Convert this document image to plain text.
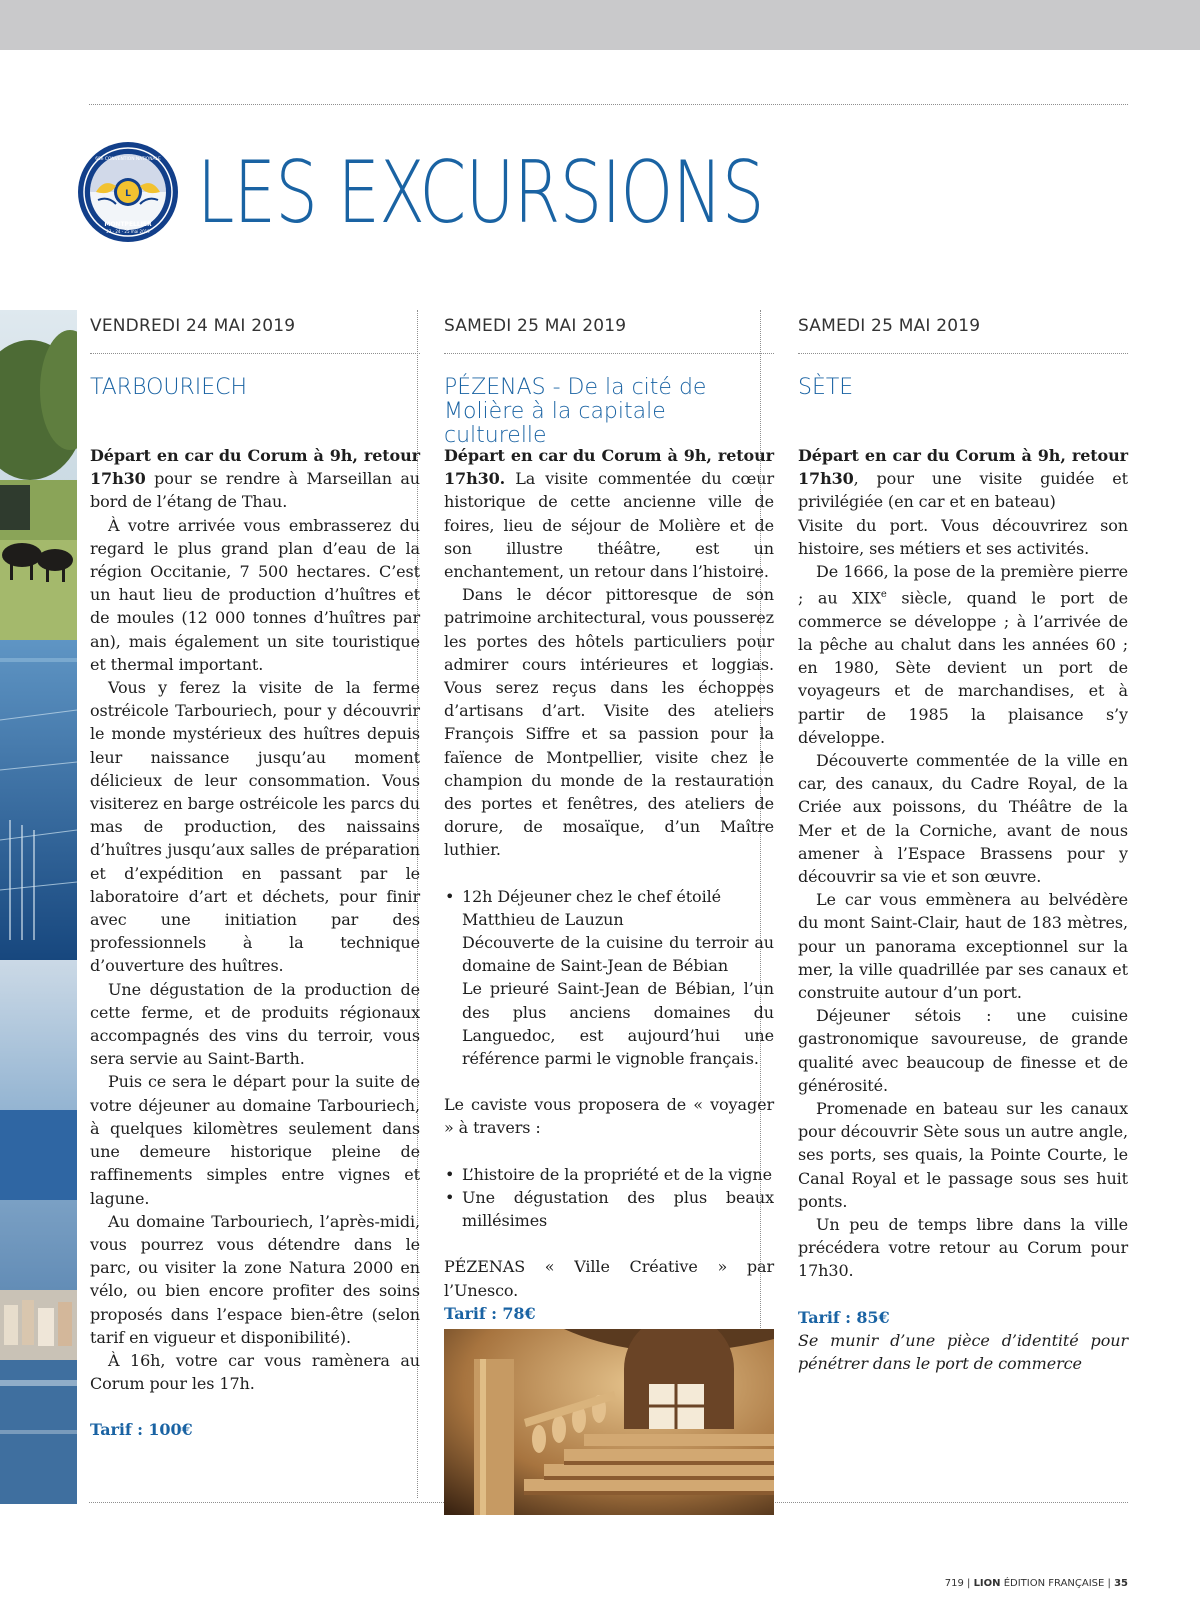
L
68e CONVENTION NATIONALE
MONTPELLIER
23 - 24 - 25 mai 2019 LES EXCURSIONS
VENDREDI 24 MAI 2019
TARBOURIECH

Départ en car du Corum à 9h, retour 17h30 pour se rendre à Marseillan au bord de l’étang de Thau.

À votre arrivée vous embrasserez du regard le plus grand plan d’eau de la région Occitanie, 7 500 hectares. C’est un haut lieu de production d’huîtres et de moules (12 000 tonnes d’huîtres par an), mais également un site touristique et thermal important.

Vous y ferez la visite de la ferme ostréicole Tarbouriech, pour y découvrir le monde mystérieux des huîtres depuis leur naissance jusqu’au moment délicieux de leur consommation. Vous visiterez en barge ostréicole les parcs du mas de production, des naissains d’huîtres jusqu’aux salles de préparation et d’expédition en passant par le laboratoire d’art et déchets, pour finir avec une initiation par des professionnels à la technique d’ouverture des huîtres.

Une dégustation de la production de cette ferme, et de produits régionaux accompagnés des vins du terroir, vous sera servie au Saint-Barth.

Puis ce sera le départ pour la suite de votre déjeuner au domaine Tarbouriech, à quelques kilomètres seulement dans une demeure historique pleine de raffinements simples entre vignes et lagune.

Au domaine Tarbouriech, l’après-midi, vous pourrez vous détendre dans le parc, ou visiter la zone Natura 2000 en vélo, ou bien encore profiter des soins proposés dans l’espace bien-être (selon tarif en vigueur et disponibilité).

À 16h, votre car vous ramènera au Corum pour les 17h.

Tarif : 100€

SAMEDI 25 MAI 2019
PÉZENAS - De la cité de Molière à la capitale culturelle

Départ en car du Corum à 9h, retour 17h30. La visite commentée du cœur historique de cette ancienne ville de foires, lieu de séjour de Molière et de son illustre théâtre, est un enchantement, un retour dans l’histoire.

Dans le décor pittoresque de son patrimoine architectural, vous pousserez les portes des hôtels particuliers pour admirer cours intérieures et loggias. Vous serez reçus dans les échoppes d’artisans d’art. Visite des ateliers François Siffre et sa passion pour la faïence de Montpellier, visite chez le champion du monde de la restauration des portes et fenêtres, des ateliers de dorure, de mosaïque, d’un Maître luthier.

• 12h Déjeuner chez le chef étoilé
Matthieu de Lauzun
Découverte de la cuisine du terroir au domaine de Saint-Jean de Bébian
Le prieuré Saint-Jean de Bébian, l’un des plus anciens domaines du Languedoc, est aujourd’hui une référence parmi le vignoble français.

Le caviste vous proposera de « voyager » à travers :

• L’histoire de la propriété et de la vigne
• Une dégustation des plus beaux millésimes

PÉZENAS « Ville Créative » par l’Unesco.

Tarif : 78€

SAMEDI 25 MAI 2019
SÈTE

Départ en car du Corum à 9h, retour 17h30, pour une visite guidée et privilégiée (en car et en bateau)

Visite du port. Vous découvrirez son histoire, ses métiers et ses activités.

De 1666, la pose de la première pierre ; au XIXe siècle, quand le port de commerce se développe ; à l’arrivée de la pêche au chalut dans les années 60 ; en 1980, Sète devient un port de voyageurs et de marchandises, et à partir de 1985 la plaisance s’y développe.

Découverte commentée de la ville en car, des canaux, du Cadre Royal, de la Criée aux poissons, du Théâtre de la Mer et de la Corniche, avant de nous amener à l’Espace Brassens pour y découvrir sa vie et son œuvre.

Le car vous emmènera au belvédère du mont Saint-Clair, haut de 183 mètres, pour un panorama exceptionnel sur la mer, la ville quadrillée par ses canaux et construite autour d’un port.

Déjeuner sétois : une cuisine gastronomique savoureuse, de grande qualité avec beaucoup de finesse et de générosité.

Promenade en bateau sur les canaux pour découvrir Sète sous un autre angle, ses ports, ses quais, la Pointe Courte, le Canal Royal et le passage sous ses huit ponts.

Un peu de temps libre dans la ville précédera votre retour au Corum pour 17h30.

Tarif : 85€

Se munir d’une pièce d’identité pour pénétrer dans le port de commerce

719 | LION ÉDITION FRANÇAISE | 35
